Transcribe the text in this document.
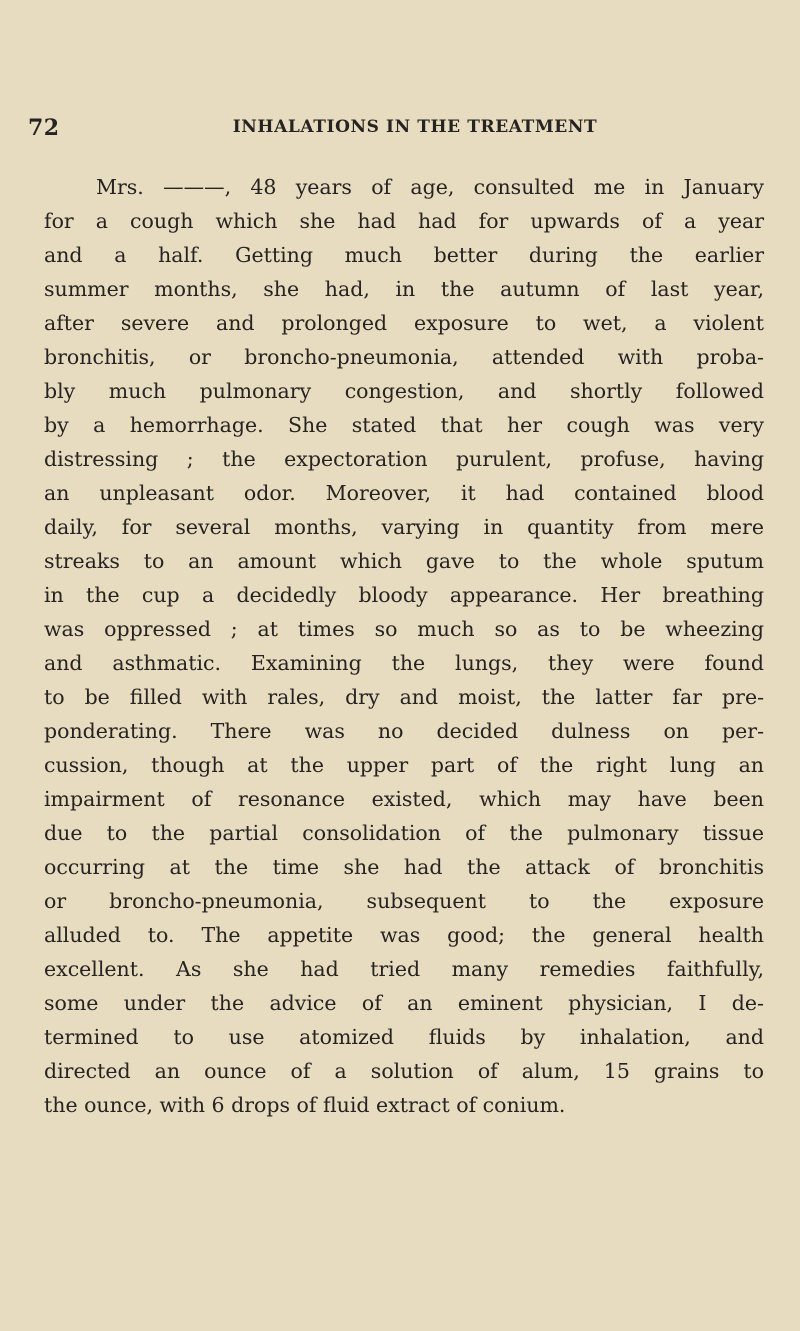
72	INHALATIONS IN THE TREATMENT
Mrs. ———, 48 years of age, consulted me in January
for a cough which she had had for upwards of a year
and a half. Getting much better during the earlier
summer months, she had, in the autumn of last year,
after severe and prolonged exposure to wet, a violent
bronchitis, or broncho-pneumonia, attended with proba-
bly much pulmonary congestion, and shortly followed
by a hemorrhage. She stated that her cough was very
distressing ; the expectoration purulent, profuse, having
an unpleasant odor. Moreover, it had contained blood
daily, for several months, varying in quantity from mere
streaks to an amount which gave to the whole sputum
in the cup a decidedly bloody appearance. Her breathing
was oppressed ; at times so much so as to be wheezing
and asthmatic. Examining the lungs, they were found
to be filled with rales, dry and moist, the latter far pre-
ponderating. There was no decided dulness on per-
cussion, though at the upper part of the right lung an
impairment of resonance existed, which may have been
due to the partial consolidation of the pulmonary tissue
occurring at the time she had the attack of bronchitis
or broncho-pneumonia, subsequent to the exposure
alluded to. The appetite was good; the general health
excellent. As she had tried many remedies faithfully,
some under the advice of an eminent physician, I de-
termined to use atomized fluids by inhalation, and
directed an ounce of a solution of alum, 15 grains to
the ounce, with 6 drops of fluid extract of conium.
